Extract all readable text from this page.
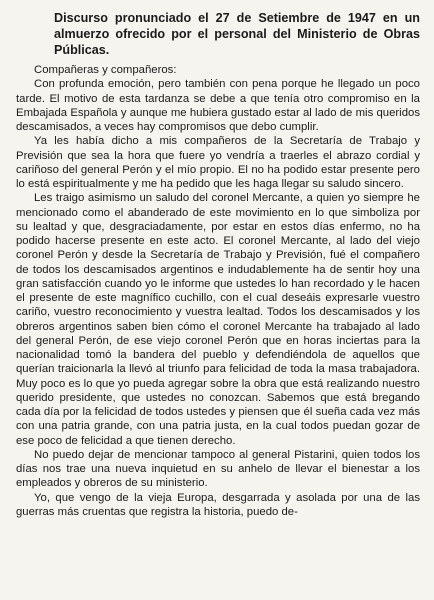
Discurso pronunciado el 27 de Setiembre de 1947 en un almuerzo ofrecido por el personal del Ministerio de Obras Públicas.

Compañeras y compañeros:

Con profunda emoción, pero también con pena porque he llegado un poco tarde. El motivo de esta tardanza se debe a que tenía otro compromiso en la Embajada Española y aunque me hubiera gustado estar al lado de mis queridos descamisados, a veces hay compromisos que debo cumplir.

Ya les había dicho a mis compañeros de la Secretaría de Trabajo y Previsión que sea la hora que fuere yo vendría a traerles el abrazo cordial y cariñoso del general Perón y el mío propio. El no ha podido estar presente pero lo está espiritualmente y me ha pedido que les haga llegar su saludo sincero.

Les traigo asimismo un saludo del coronel Mercante, a quien yo siempre he mencionado como el abanderado de este movimiento en lo que simboliza por su lealtad y que, desgraciadamente, por estar en estos días enfermo, no ha podido hacerse presente en este acto. El coronel Mercante, al lado del viejo coronel Perón y desde la Secretaría de Trabajo y Previsión, fué el compañero de todos los descamisados argentinos e indudablemente ha de sentir hoy una gran satisfacción cuando yo le informe que ustedes lo han recordado y le hacen el presente de este magnífico cuchillo, con el cual deseáis expresarle vuestro cariño, vuestro reconocimiento y vuestra lealtad. Todos los descamisados y los obreros argentinos saben bien cómo el coronel Mercante ha trabajado al lado del general Perón, de ese viejo coronel Perón que en horas inciertas para la nacionalidad tomó la bandera del pueblo y defendiéndola de aquellos que querían traicionarla la llevó al triunfo para felicidad de toda la masa trabajadora. Muy poco es lo que yo pueda agregar sobre la obra que está realizando nuestro querido presidente, que ustedes no conozcan. Sabemos que está bregando cada día por la felicidad de todos ustedes y piensen que él sueña cada vez más con una patria grande, con una patria justa, en la cual todos puedan gozar de ese poco de felicidad a que tienen derecho.

No puedo dejar de mencionar tampoco al general Pistarini, quien todos los días nos trae una nueva inquietud en su anhelo de llevar el bienestar a los empleados y obreros de su ministerio.

Yo, que vengo de la vieja Europa, desgarrada y asolada por una de las guerras más cruentas que registra la historia, puedo de-
